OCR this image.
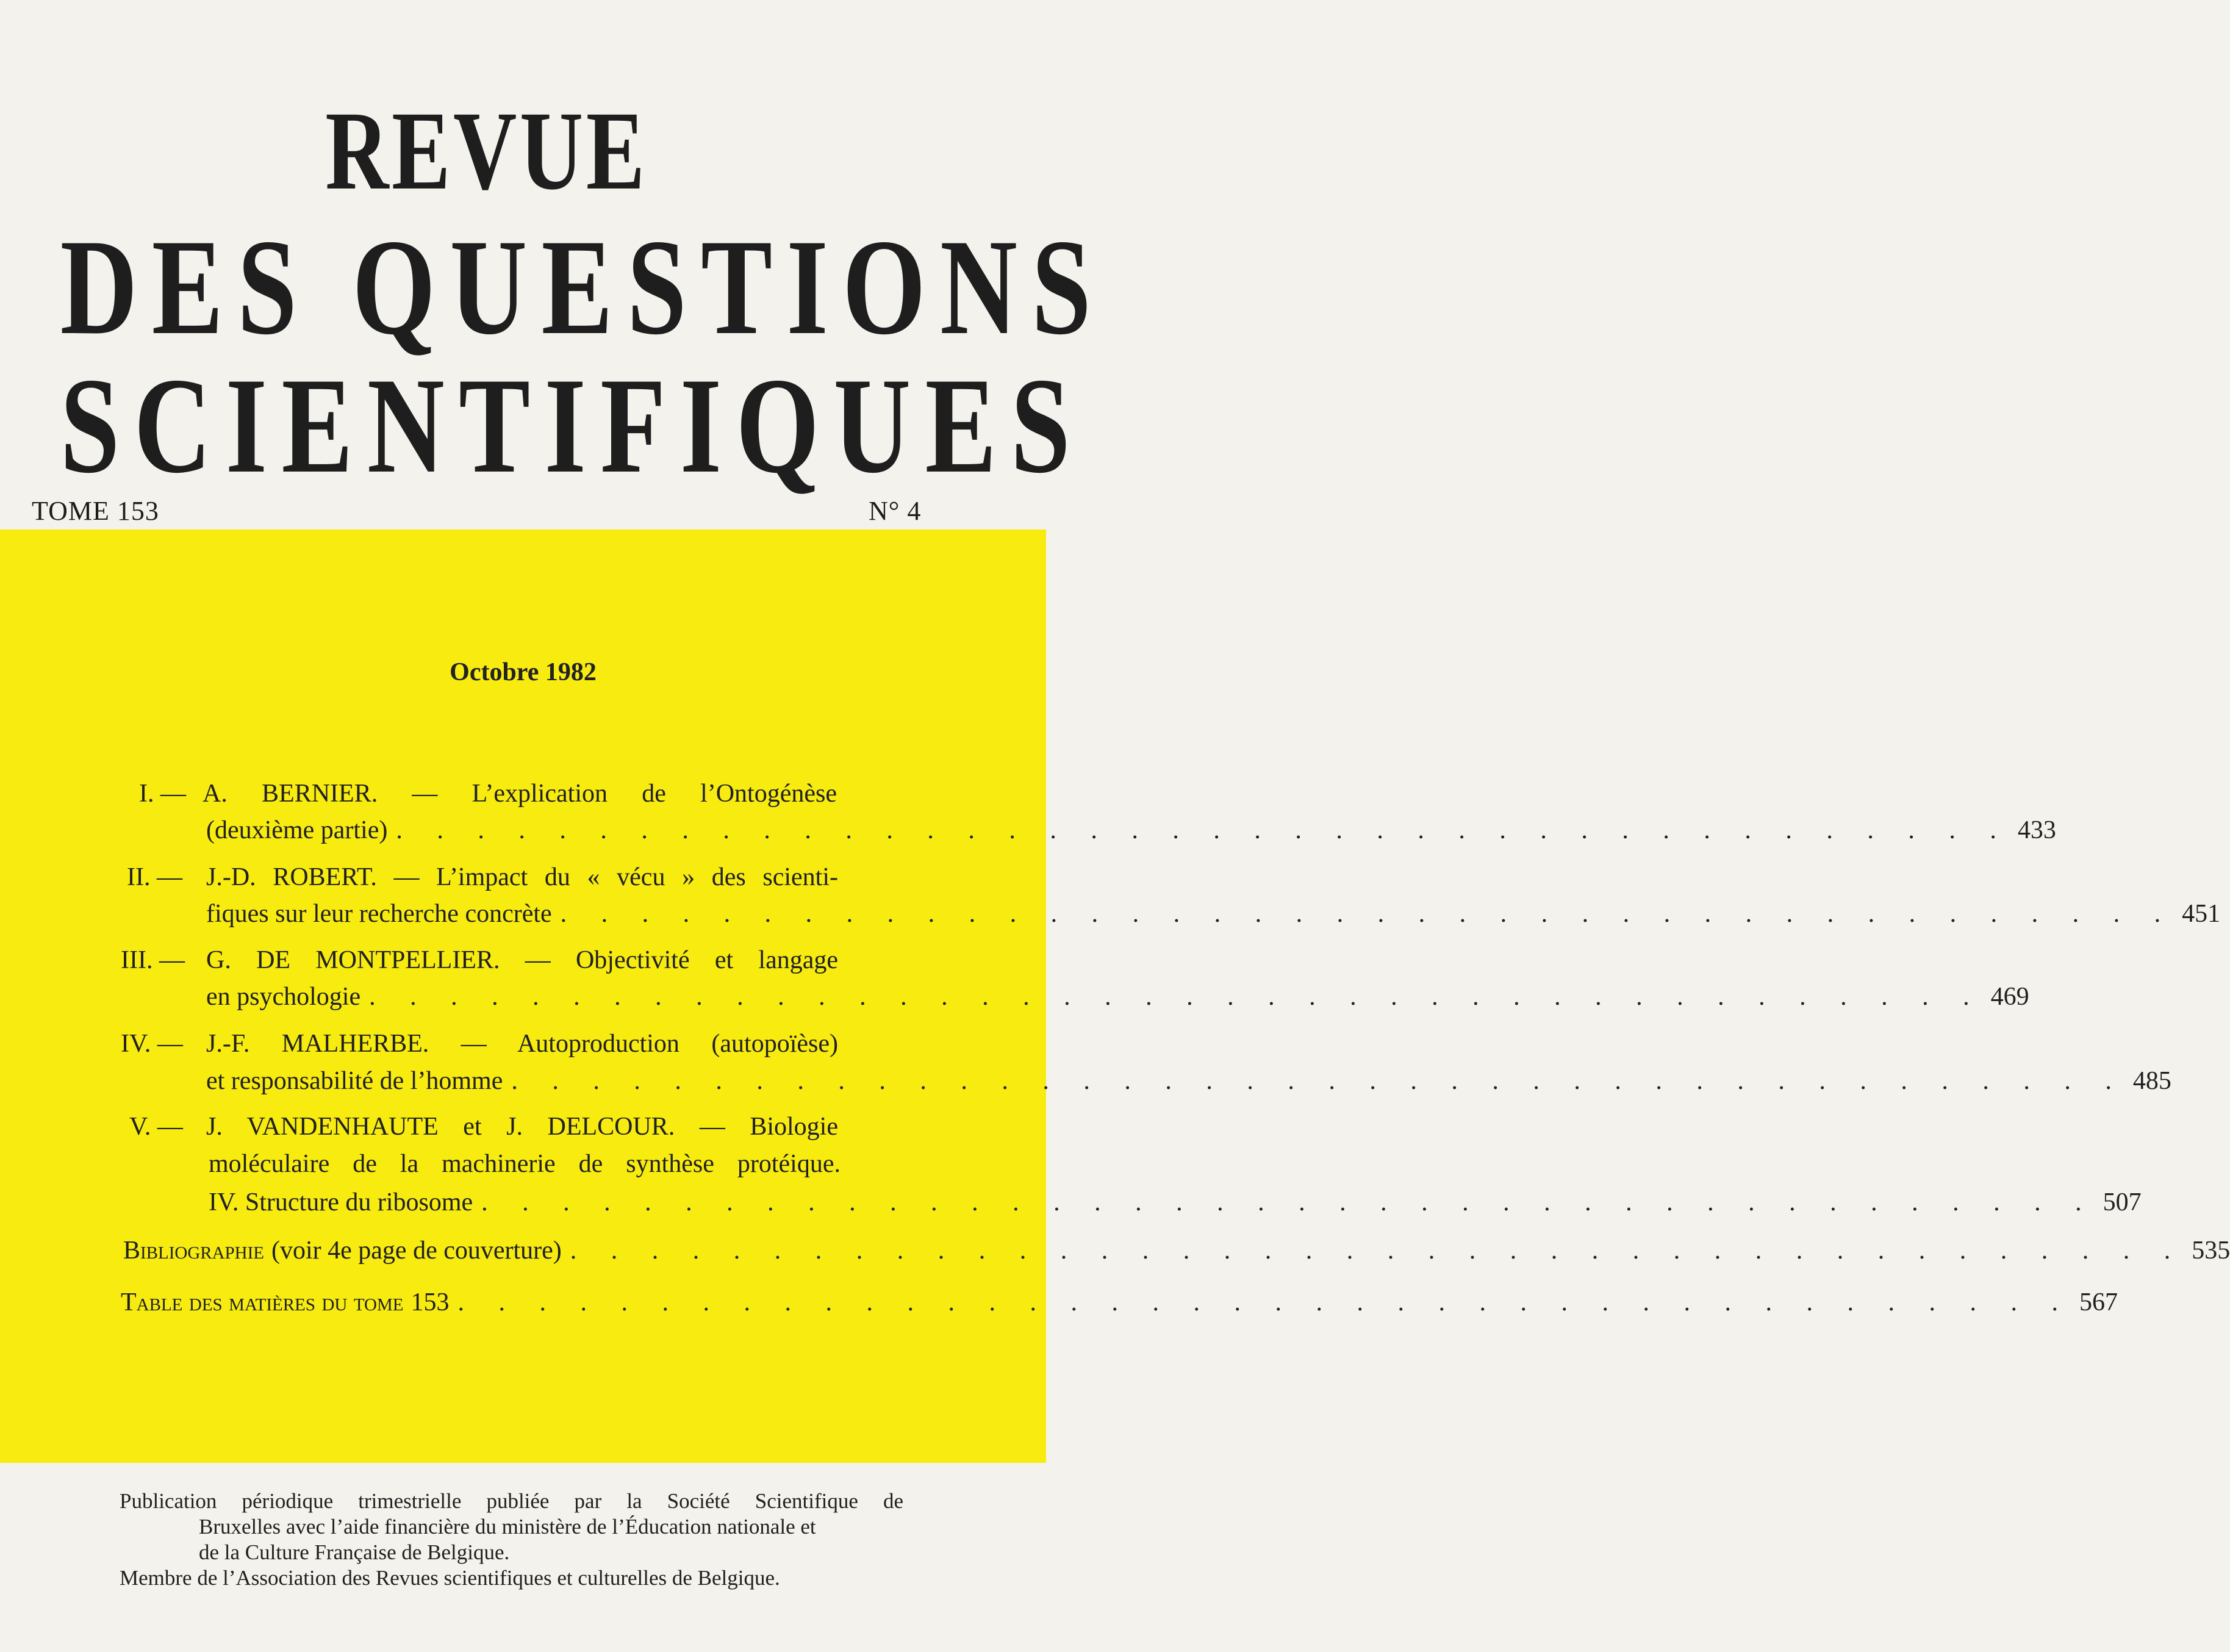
REVUE
DES QUESTIONS
SCIENTIFIQUES
TOME 153	N° 4
Octobre 1982
I. — A. BERNIER. — L’explication de l’Ontogénèse
(deuxième partie) . . . . . . . . . . . . . . . . . . . . . . . . . . . . . . . . . . . . . . . . 433
II. — J.-D. ROBERT. — L’impact du « vécu » des scienti-
fiques sur leur recherche concrète . . . . . . . . . . . . . . . . . . . . . . . . . . . . . . . . . . . . . . . . 451
III. — G. DE MONTPELLIER. — Objectivité et langage
en psychologie . . . . . . . . . . . . . . . . . . . . . . . . . . . . . . . . . . . . . . . . 469
IV. — J.-F. MALHERBE. — Autoproduction (autopoïèse)
et responsabilité de l’homme . . . . . . . . . . . . . . . . . . . . . . . . . . . . . . . . . . . . . . . . 485
V. — J. VANDENHAUTE et J. DELCOUR. — Biologie
moléculaire de la machinerie de synthèse protéique.
IV. Structure du ribosome . . . . . . . . . . . . . . . . . . . . . . . . . . . . . . . . . . . . . . . . 507
Bibliographie (voir 4e page de couverture) . . . . . . . . . . . . . . . . . . . . . . . . . . . . . . . . . . . . . . . . 535
Table des matières du tome 153 . . . . . . . . . . . . . . . . . . . . . . . . . . . . . . . . . . . . . . . . 567
Publication périodique trimestrielle publiée par la Société Scientifique de
Bruxelles avec l’aide financière du ministère de l’Éducation nationale et
de la Culture Française de Belgique.
Membre de l’Association des Revues scientifiques et culturelles de Belgique.
